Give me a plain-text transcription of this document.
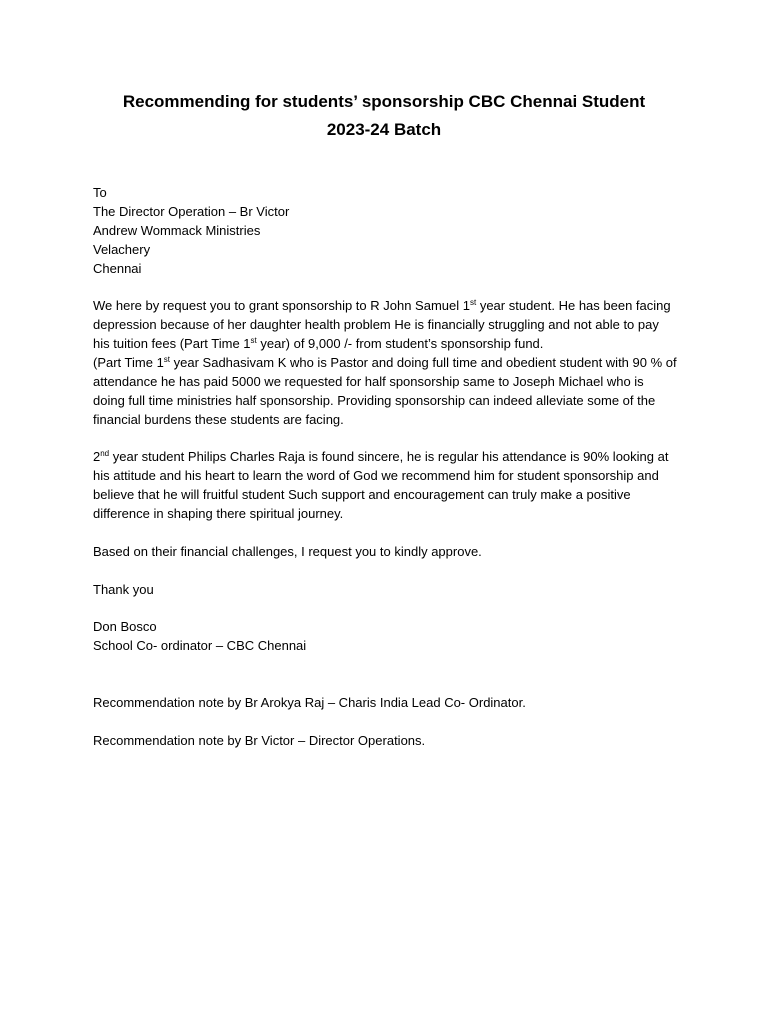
Recommending for students’ sponsorship CBC Chennai Student
2023-24 Batch
To
The Director Operation – Br Victor
Andrew Wommack Ministries
Velachery
Chennai
We here by request you to grant sponsorship to R John Samuel 1st year student. He has been facing
depression because of her daughter health problem He is financially struggling and not able to pay
his tuition fees (Part Time 1st year) of 9,000 /- from student’s sponsorship fund.
(Part Time 1st year Sadhasivam K who is Pastor and doing full time and obedient student with 90 % of
attendance he has paid 5000 we requested for half sponsorship same to Joseph Michael who is
doing full time ministries half sponsorship. Providing sponsorship can indeed alleviate some of the
financial burdens these students are facing.
2nd year student Philips Charles Raja is found sincere, he is regular his attendance is 90% looking at
his attitude and his heart to learn the word of God we recommend him for student sponsorship and
believe that he will fruitful student Such support and encouragement can truly make a positive
difference in shaping there spiritual journey.
Based on their financial challenges, I request you to kindly approve.
Thank you
Don Bosco
School Co- ordinator – CBC Chennai
Recommendation note by Br Arokya Raj – Charis India Lead Co- Ordinator.
Recommendation note by Br Victor – Director Operations.
